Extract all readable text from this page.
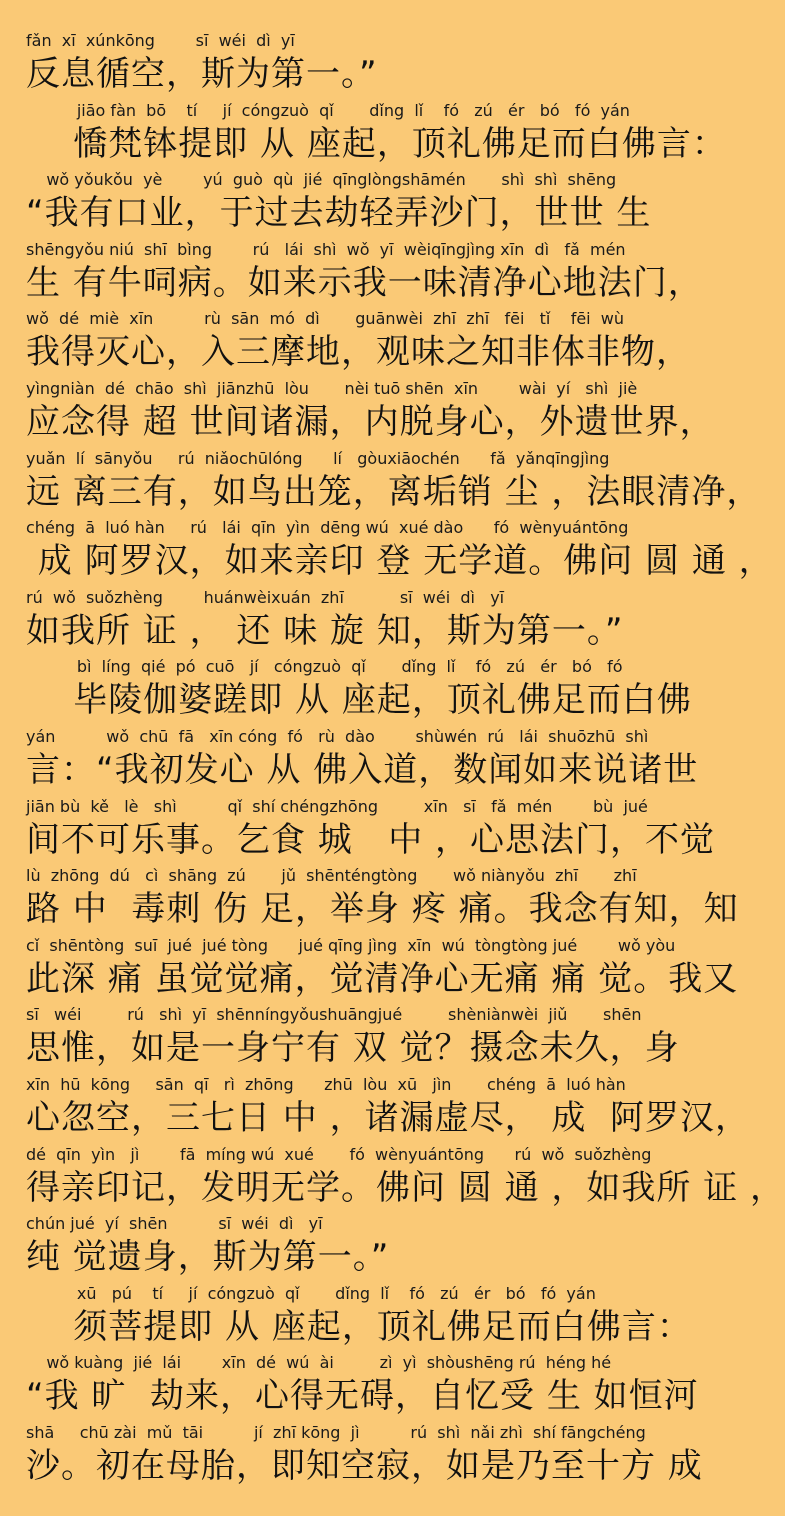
fǎn  xī  xúnkōng        sī  wéi  dì  yī
反息循空，斯为第一。”
jiāo fàn  bō    tí     jí  cóngzuò  qǐ       dǐng  lǐ    fó   zú   ér   bó   fó  yán
憍梵钵提即 从 座起，顶礼佛足而白佛言：
wǒ yǒukǒu  yè        yú  guò  qù  jié  qīnglòngshāmén       shì  shì  shēng
“我有口业，于过去劫轻弄沙门，世世 生
shēngyǒu niú  shī  bìng        rú   lái  shì  wǒ  yī  wèiqīngjìng xīn  dì   fǎ  mén
生 有牛呞病。如来示我一味清净心地法门，
wǒ  dé  miè  xīn          rù  sān  mó  dì       guānwèi  zhī  zhī   fēi   tǐ    fēi  wù
我得灭心，入三摩地，观味之知非体非物，
yìngniàn  dé  chāo  shì  jiānzhū  lòu       nèi tuō shēn  xīn        wài  yí   shì  jiè
应念得 超 世间诸漏，内脱身心，外遗世界，
yuǎn  lí  sānyǒu     rú  niǎochūlóng      lí   gòuxiāochén      fǎ  yǎnqīngjìng
远 离三有，如鸟出笼，离垢销 尘 ，法眼清净，
chéng  ā  luó hàn     rú   lái  qīn  yìn  dēng wú  xué dào      fó  wènyuántōng
成 阿罗汉，如来亲印 登 无学道。佛问 圆 通 ，
rú  wǒ  suǒzhèng        huánwèixuán  zhī           sī  wéi  dì   yī
如我所 证 ， 还 味 旋 知，斯为第一。”
bì  líng  qié  pó  cuō   jí   cóngzuò  qǐ       dǐng  lǐ    fó   zú   ér   bó   fó
毕陵伽婆蹉即 从 座起，顶礼佛足而白佛
yán          wǒ  chū  fā   xīn cóng  fó   rù  dào        shùwén  rú   lái  shuōzhū  shì
言：“我初发心 从 佛入道，数闻如来说诸世
jiān bù  kě   lè   shì          qǐ  shí chéngzhōng         xīn   sī   fǎ  mén        bù  jué
间不可乐事。乞食 城   中 ，心思法门，不觉
lù  zhōng  dú   cì  shāng  zú       jǔ  shēnténgtòng       wǒ niànyǒu  zhī       zhī
路 中  毒刺 伤 足，举身 疼 痛。我念有知，知
cǐ  shēntòng  suī  jué  jué tòng      jué qīng jìng  xīn  wú  tòngtòng jué        wǒ yòu
此深 痛 虽觉觉痛，觉清净心无痛 痛 觉。我又
sī   wéi         rú   shì  yī  shēnníngyǒushuāngjué         shèniànwèi  jiǔ       shēn
思惟，如是一身宁有 双 觉？摄念未久，身
xīn  hū  kōng     sān  qī   rì  zhōng      zhū  lòu  xū   jìn       chéng  ā  luó hàn
心忽空，三七日 中 ，诸漏虚尽， 成  阿罗汉，
dé  qīn  yìn   jì        fā  míng wú  xué       fó  wènyuántōng      rú  wǒ  suǒzhèng
得亲印记，发明无学。佛问 圆 通 ，如我所 证 ，
chún jué  yí  shēn          sī  wéi  dì   yī
纯 觉遗身，斯为第一。”
xū   pú    tí     jí  cóngzuò  qǐ       dǐng  lǐ    fó   zú   ér   bó   fó  yán
须菩提即 从 座起，顶礼佛足而白佛言：
wǒ kuàng  jié  lái        xīn  dé  wú  ài         zì  yì  shòushēng rú  héng hé
“我 旷  劫来，心得无碍，自忆受 生 如恒河
shā     chū zài  mǔ  tāi          jí  zhī kōng  jì          rú  shì  nǎi zhì  shí fāngchéng
沙。初在母胎，即知空寂，如是乃至十方 成
